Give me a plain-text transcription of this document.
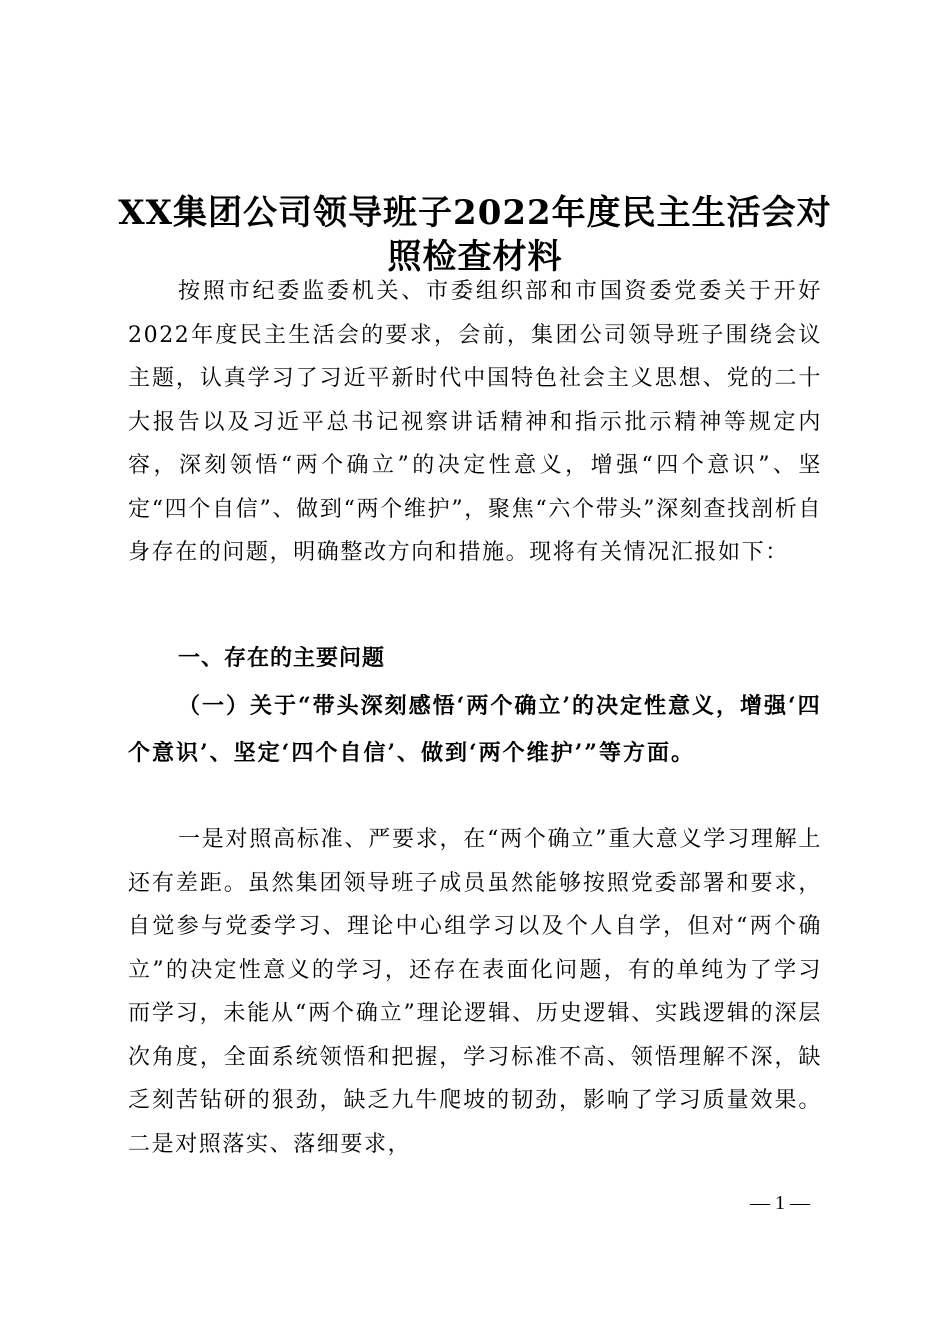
XX集团公司领导班子2022年度民主生活会对照检查材料

按照市纪委监委机关、市委组织部和市国资委党委关于开好2022年度民主生活会的要求，会前，集团公司领导班子围绕会议主题，认真学习了习近平新时代中国特色社会主义思想、党的二十大报告以及习近平总书记视察讲话精神和指示批示精神等规定内容，深刻领悟“两个确立”的决定性意义，增强“四个意识”、坚定“四个自信”、做到“两个维护”，聚焦“六个带头”深刻查找剖析自身存在的问题，明确整改方向和措施。现将有关情况汇报如下：

一、存在的主要问题
（一）关于“带头深刻感悟‘两个确立’的决定性意义，增强‘四个意识’、坚定‘四个自信’、做到‘两个维护’”等方面。

一是对照高标准、严要求，在“两个确立”重大意义学习理解上还有差距。虽然集团领导班子成员虽然能够按照党委部署和要求，自觉参与党委学习、理论中心组学习以及个人自学，但对“两个确立”的决定性意义的学习，还存在表面化问题，有的单纯为了学习而学习，未能从“两个确立”理论逻辑、历史逻辑、实践逻辑的深层次角度，全面系统领悟和把握，学习标准不高、领悟理解不深，缺乏刻苦钻研的狠劲，缺乏九牛爬坡的韧劲，影响了学习质量效果。二是对照落实、落细要求，

— 1 —
